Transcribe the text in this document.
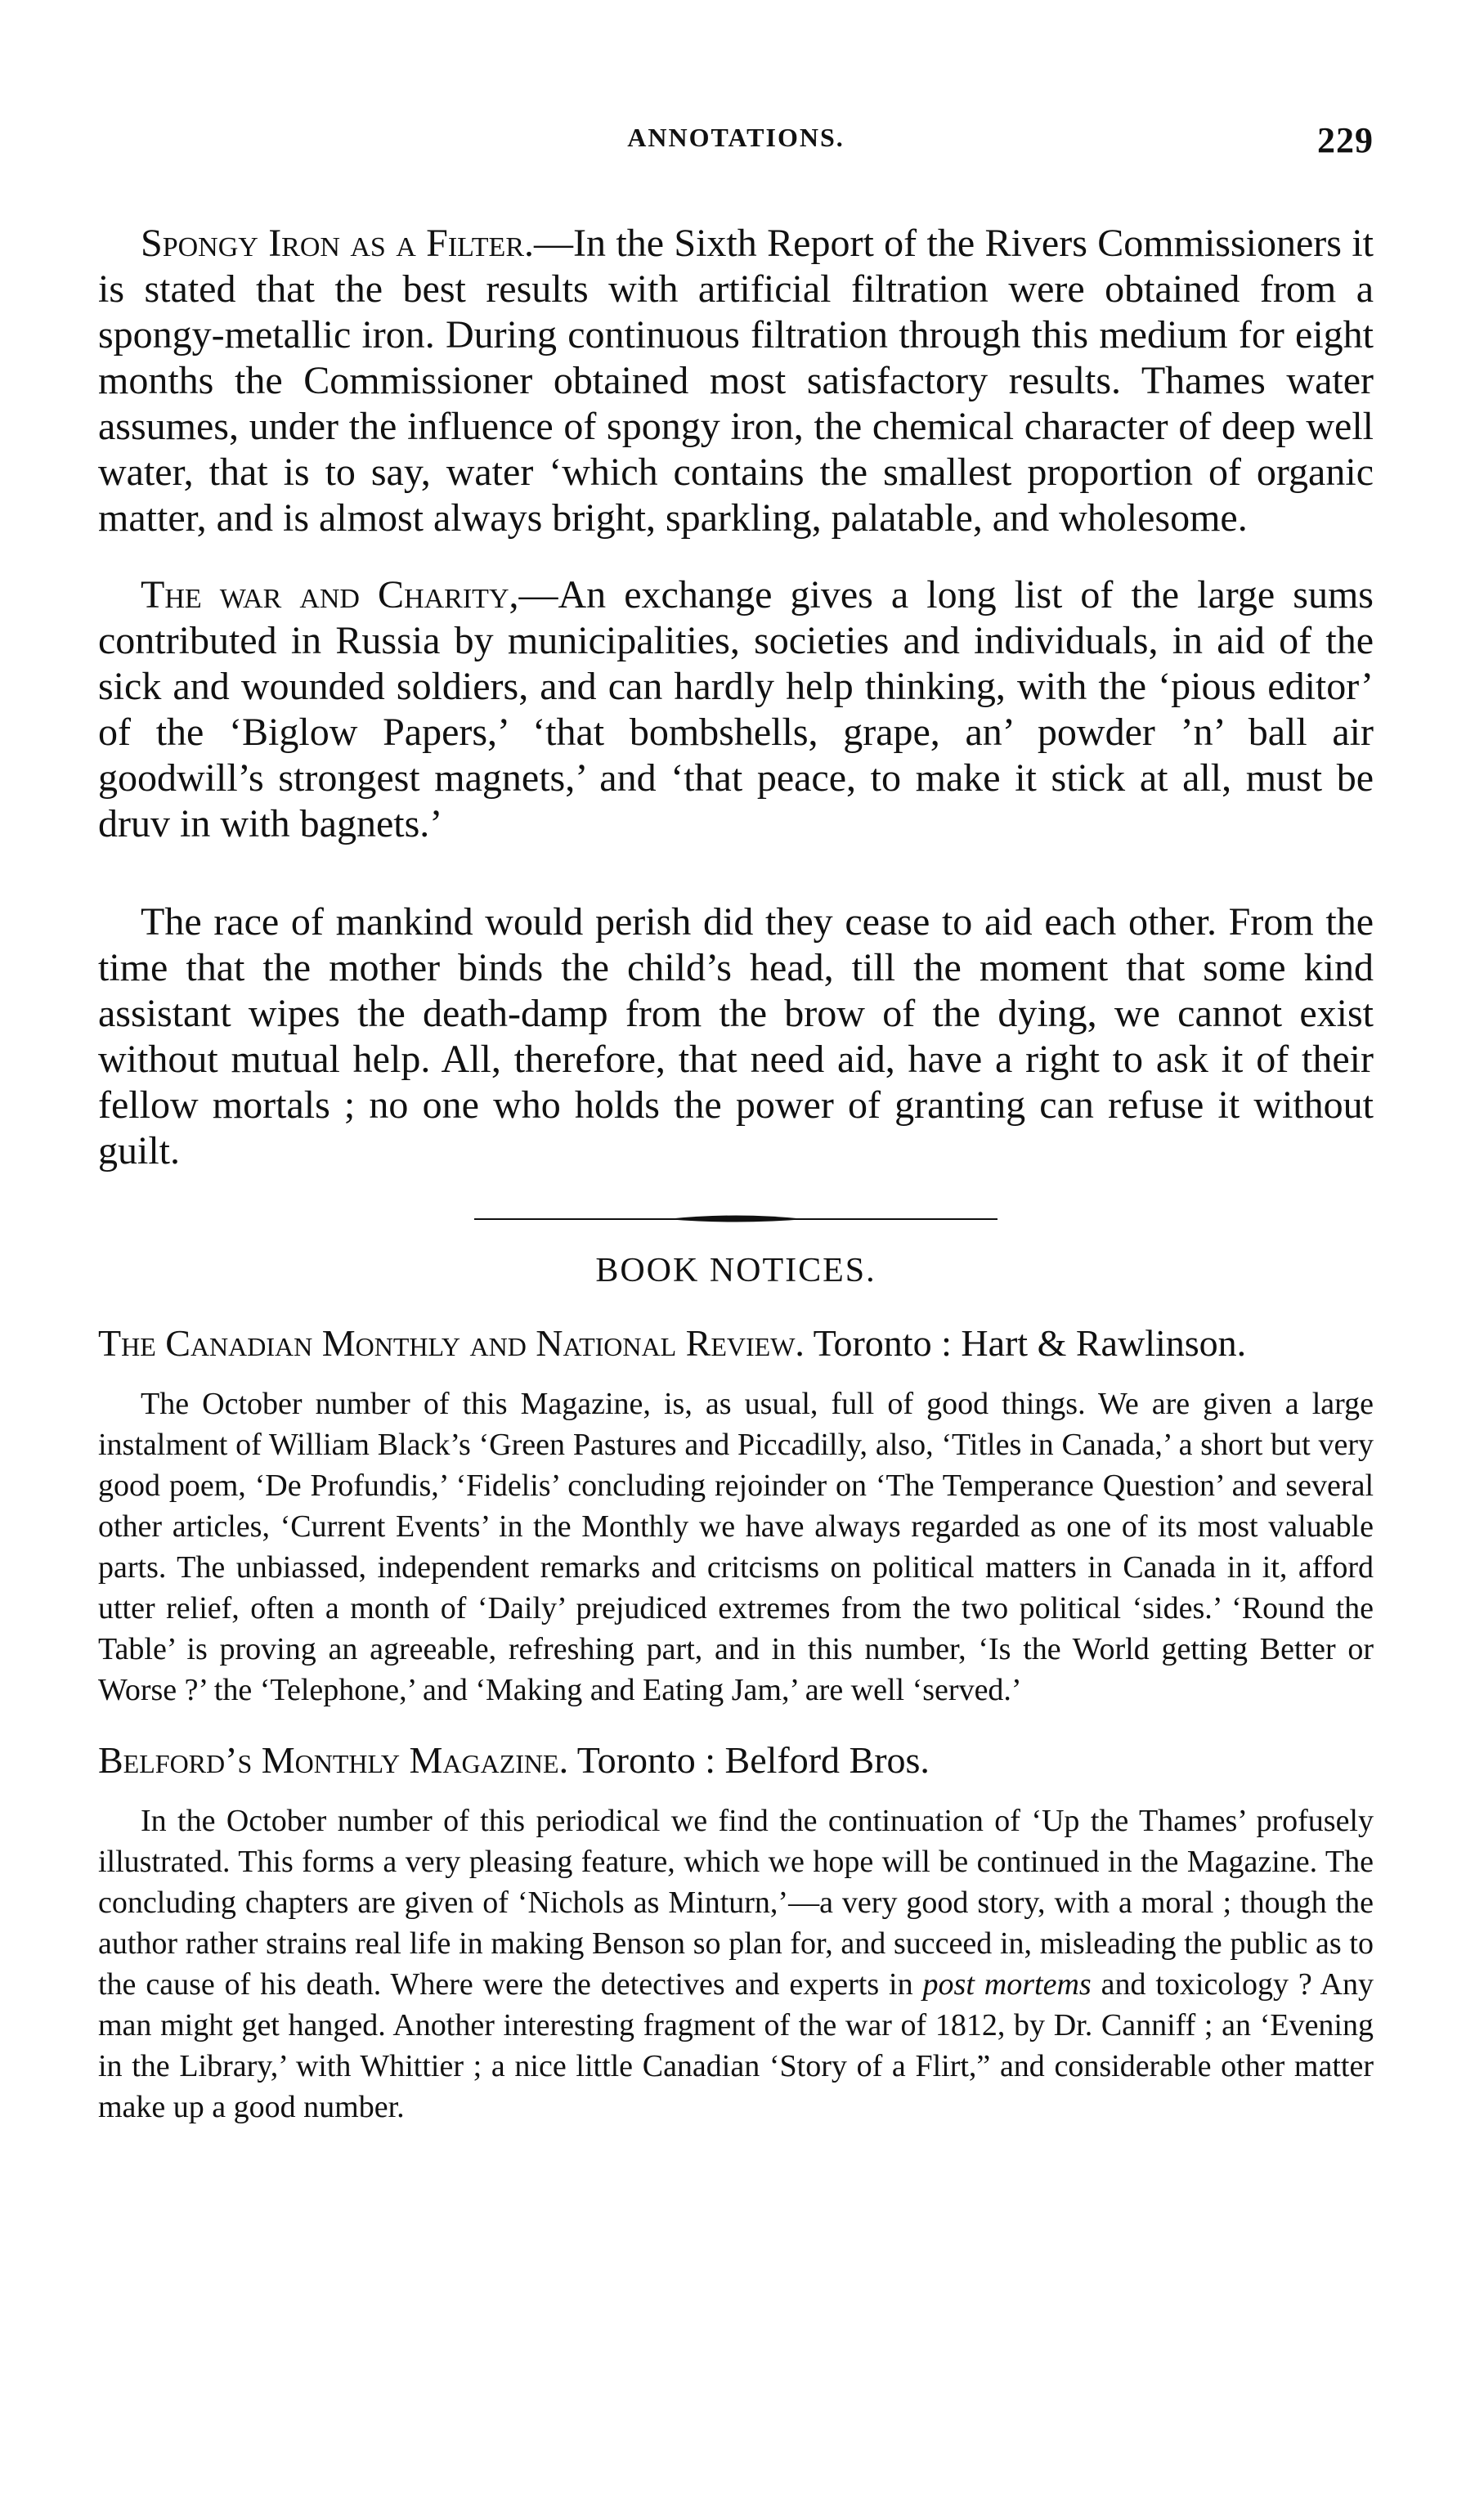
ANNOTATIONS.	229

Spongy Iron as a Filter.—In the Sixth Report of the Rivers Commissioners it is stated that the best results with artificial filtration were obtained from a spongy-metallic iron. During continuous filtration through this medium for eight months the Commissioner obtained most satisfactory results. Thames water assumes, under the influence of spongy iron, the chemical character of deep well water, that is to say, water ‘which contains the smallest proportion of organic matter, and is almost always bright, sparkling, palatable, and wholesome.

The war and Charity,—An exchange gives a long list of the large sums contributed in Russia by municipalities, societies and individuals, in aid of the sick and wounded soldiers, and can hardly help thinking, with the ‘pious editor’ of the ‘Biglow Papers,’ ‘that bombshells, grape, an’ powder ’n’ ball air goodwill’s strongest magnets,’ and ‘that peace, to make it stick at all, must be druv in with bagnets.’

The race of mankind would perish did they cease to aid each other. From the time that the mother binds the child’s head, till the moment that some kind assistant wipes the death-damp from the brow of the dying, we cannot exist without mutual help. All, therefore, that need aid, have a right to ask it of their fellow mortals ; no one who holds the power of granting can refuse it without guilt.

BOOK NOTICES.

The Canadian Monthly and National Review. Toronto : Hart & Rawlinson.

The October number of this Magazine, is, as usual, full of good things. We are given a large instalment of William Black’s ‘Green Pastures and Piccadilly, also, ‘Titles in Canada,’ a short but very good poem, ‘De Profundis,’ ‘Fidelis’ concluding rejoinder on ‘The Temperance Question’ and several other articles, ‘Current Events’ in the Monthly we have always regarded as one of its most valuable parts. The unbiassed, independent remarks and critcisms on political matters in Canada in it, afford utter relief, often a month of ‘Daily’ prejudiced extremes from the two political ‘sides.’ ‘Round the Table’ is proving an agreeable, refreshing part, and in this number, ‘Is the World getting Better or Worse ?’ the ‘Telephone,’ and ‘Making and Eating Jam,’ are well ‘served.’

Belford’s Monthly Magazine. Toronto : Belford Bros.

In the October number of this periodical we find the continuation of ‘Up the Thames’ profusely illustrated. This forms a very pleasing feature, which we hope will be continued in the Magazine. The concluding chapters are given of ‘Nichols as Minturn,’—a very good story, with a moral ; though the author rather strains real life in making Benson so plan for, and succeed in, misleading the public as to the cause of his death. Where were the detectives and experts in post mortems and toxicology ? Any man might get hanged. Another interesting fragment of the war of 1812, by Dr. Canniff ; an ‘Evening in the Library,’ with Whittier ; a nice little Canadian ‘Story of a Flirt,” and considerable other matter make up a good number.
